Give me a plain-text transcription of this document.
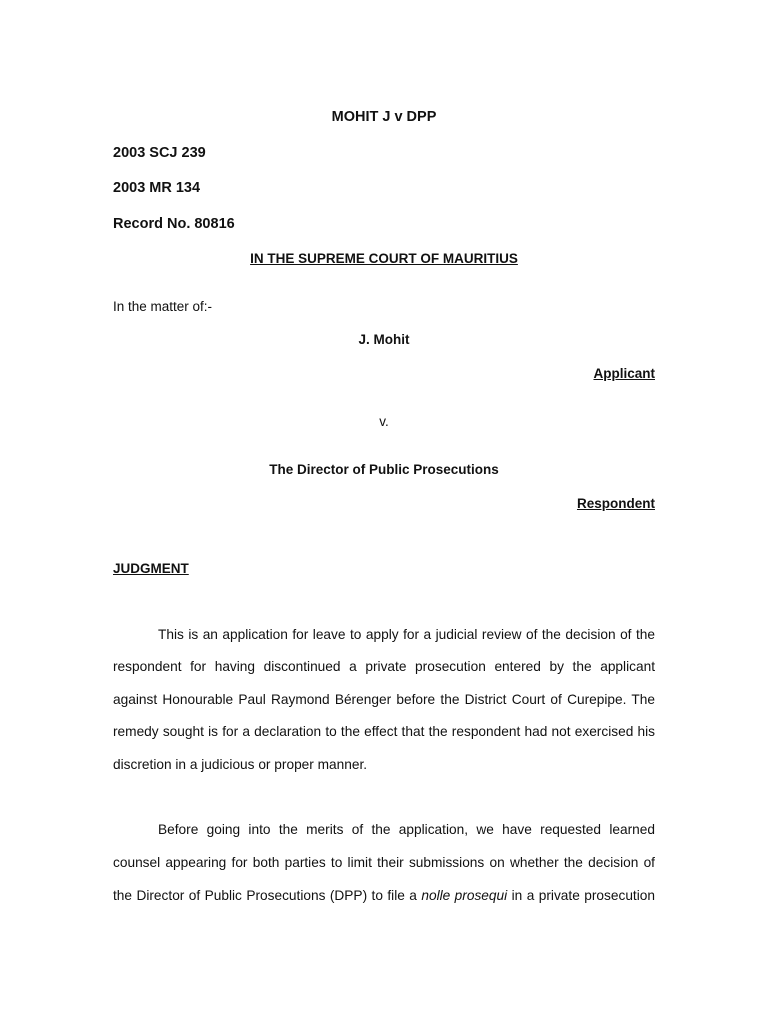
MOHIT J v DPP
2003 SCJ 239
2003 MR 134
Record No. 80816
IN THE SUPREME COURT OF MAURITIUS
In the matter of:-
J. Mohit
Applicant
v.
The Director of Public Prosecutions
Respondent
JUDGMENT
This is an application for leave to apply for a judicial review of the decision of the
respondent for having discontinued a private prosecution entered by the applicant
against Honourable Paul Raymond Bérenger before the District Court of Curepipe. The
remedy sought is for a declaration to the effect that the respondent had not exercised his
discretion in a judicious or proper manner.
Before going into the merits of the application, we have requested learned
counsel appearing for both parties to limit their submissions on whether the decision of
the Director of Public Prosecutions (DPP) to file a nolle prosequi in a private prosecution
